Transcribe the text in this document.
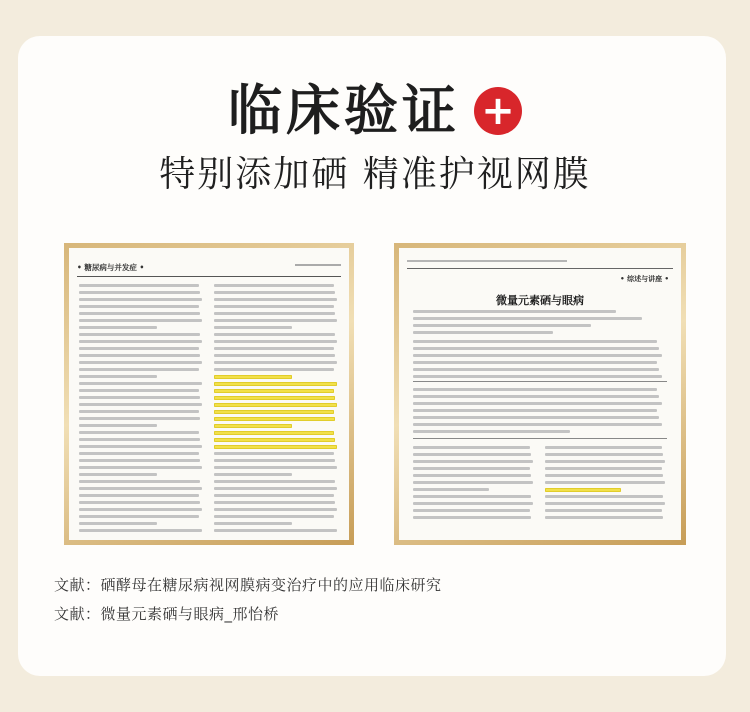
临床验证 +
特别添加硒 精准护视网膜
• 糖尿病与并发症 •
• 综述与讲座 •
微量元素硒与眼病
文献：硒酵母在糖尿病视网膜病变治疗中的应用临床研究
文献：微量元素硒与眼病_邢怡桥
